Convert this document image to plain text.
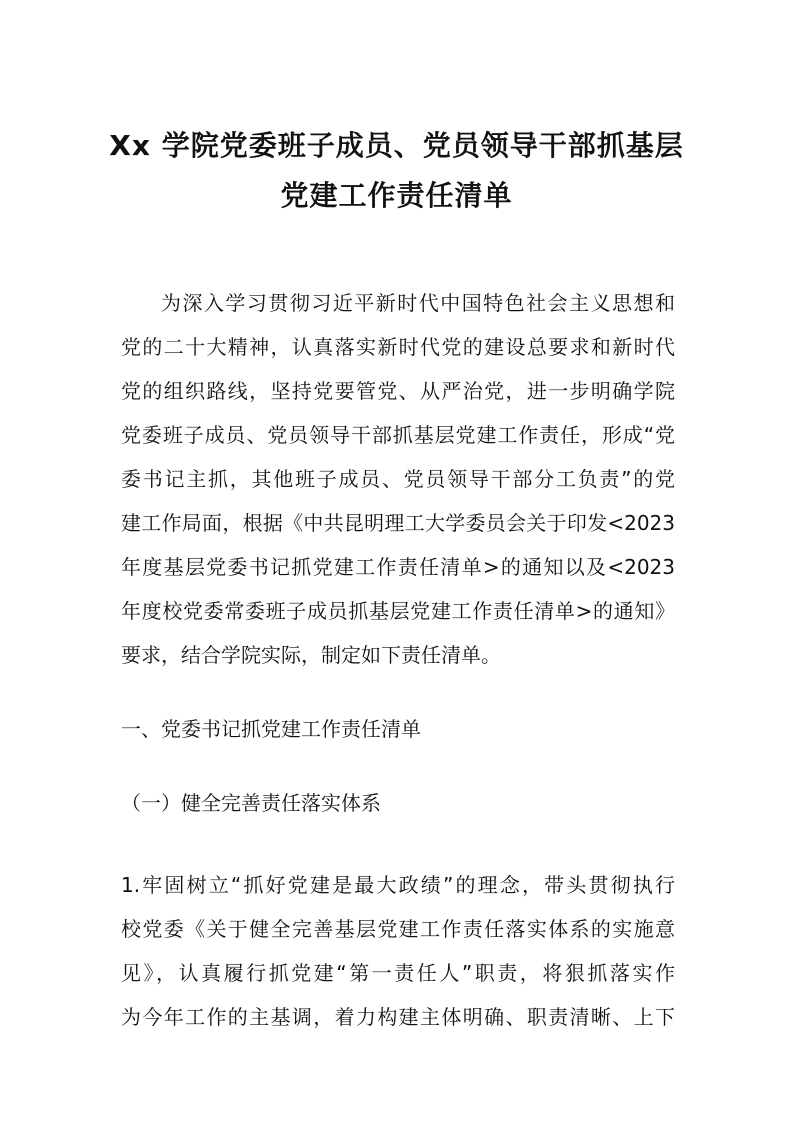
Xx 学院党委班子成员、党员领导干部抓基层
党建工作责任清单
为深入学习贯彻习近平新时代中国特色社会主义思想和
党的二十大精神，认真落实新时代党的建设总要求和新时代
党的组织路线，坚持党要管党、从严治党，进一步明确学院
党委班子成员、党员领导干部抓基层党建工作责任，形成“党
委书记主抓，其他班子成员、党员领导干部分工负责”的党
建工作局面，根据《中共昆明理工大学委员会关于印发<2023
年度基层党委书记抓党建工作责任清单>的通知以及<2023
年度校党委常委班子成员抓基层党建工作责任清单>的通知》
要求，结合学院实际，制定如下责任清单。
一、党委书记抓党建工作责任清单
（一）健全完善责任落实体系
1.牢固树立“抓好党建是最大政绩”的理念，带头贯彻执行
校党委《关于健全完善基层党建工作责任落实体系的实施意
见》，认真履行抓党建“第一责任人”职责，将狠抓落实作
为今年工作的主基调，着力构建主体明确、职责清晰、上下
